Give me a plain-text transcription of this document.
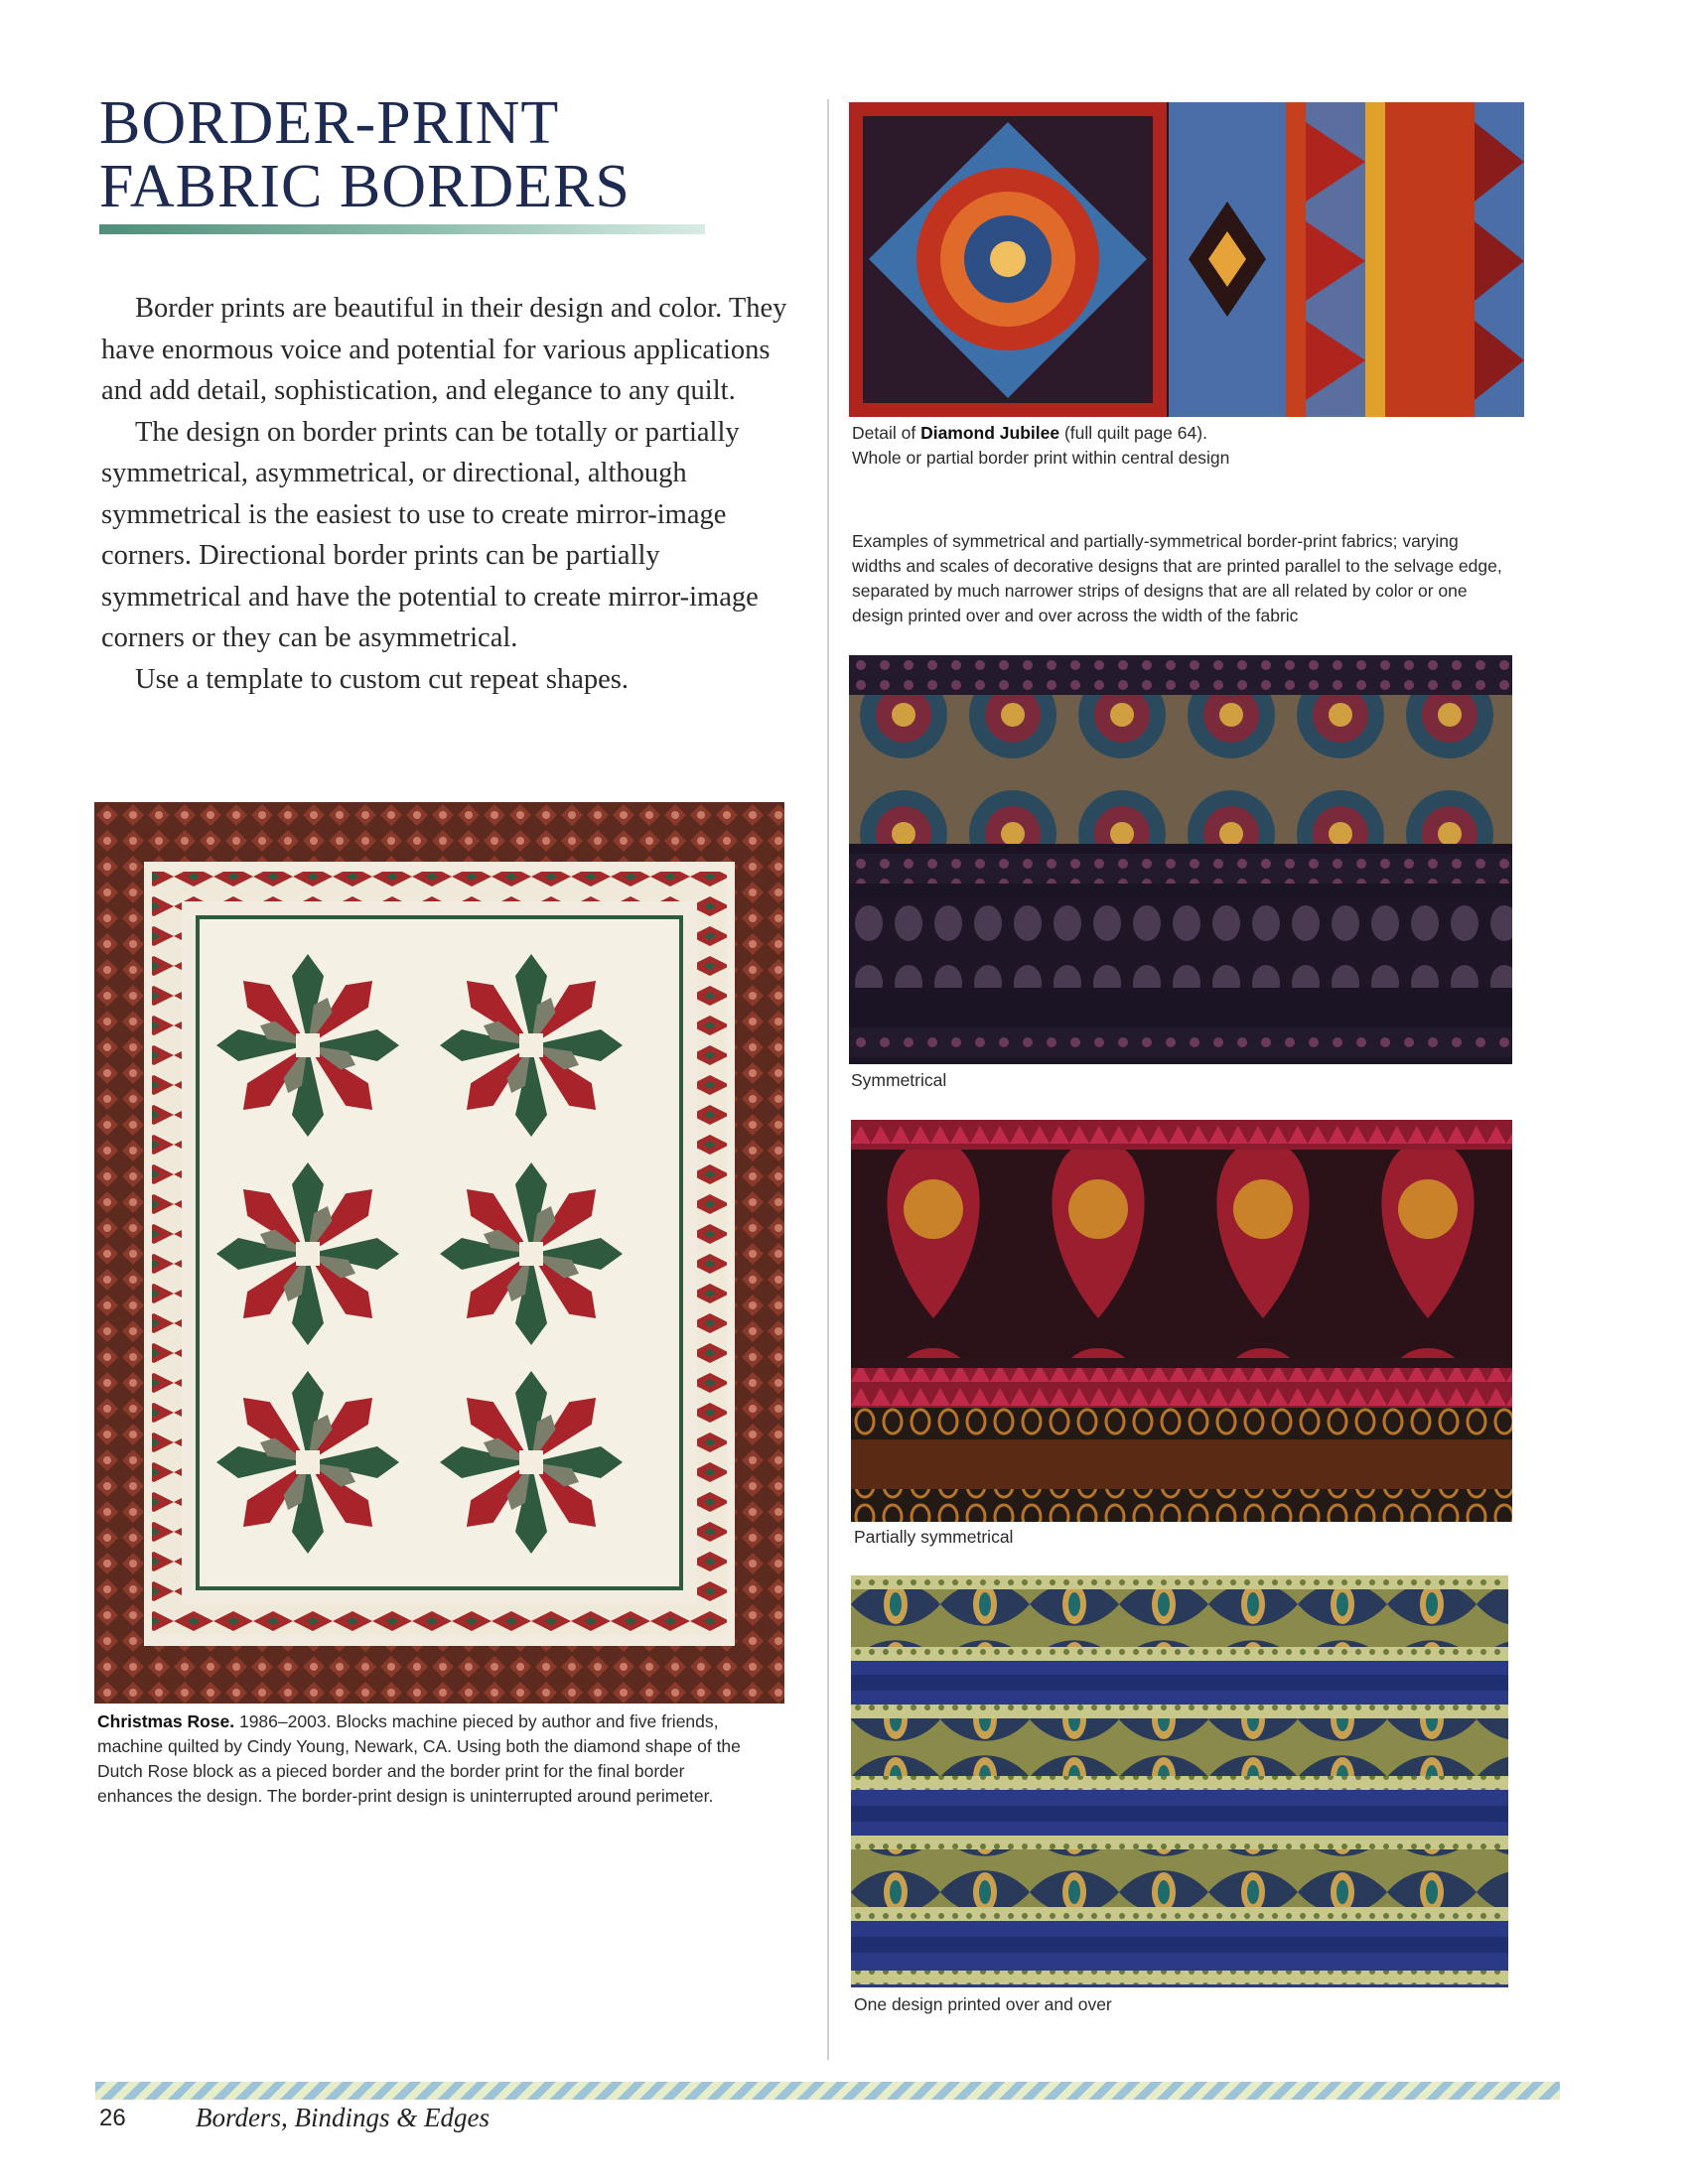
BORDER-PRINT
FABRIC BORDERS

Border prints are beautiful in their design and color. They have enormous voice and potential for various applications and add detail, sophistication, and elegance to any quilt.

The design on border prints can be totally or partially symmetrical, asymmetrical, or directional, although symmetrical is the easiest to use to create mirror-image corners. Directional border prints can be partially symmetrical and have the potential to create mirror-image corners or they can be asymmetrical.

Use a template to custom cut repeat shapes.

Christmas Rose. 1986–2003. Blocks machine pieced by author and five friends, machine quilted by Cindy Young, Newark, CA. Using both the diamond shape of the Dutch Rose block as a pieced border and the border print for the final border enhances the design. The border-print design is uninterrupted around perimeter.
Detail of Diamond Jubilee (full quilt page 64).
Whole or partial border print within central design
Examples of symmetrical and partially-symmetrical border-print fabrics; varying widths and scales of decorative designs that are printed parallel to the selvage edge, separated by much narrower strips of designs that are all related by color or one design printed over and over across the width of the fabric
Symmetrical
Partially symmetrical
One design printed over and over
26	Borders, Bindings & Edges
